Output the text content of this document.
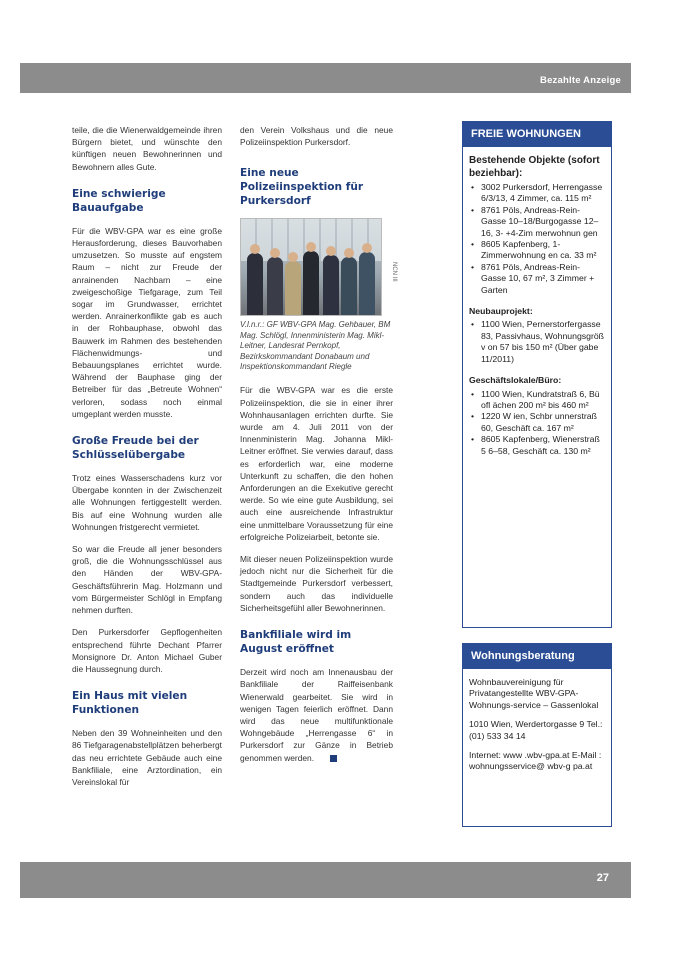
Bezahlte Anzeige

teile, die die Wienerwaldgemeinde ihren Bürgern bietet, und wünschte den künftigen neuen Bewohnerinnen und Bewohnern alles Gute.

Eine schwierige Bauaufgabe

Für die WBV-GPA war es eine große Herausforderung, dieses Bauvorhaben umzusetzen. So musste auf engstem Raum – nicht zur Freude der anrainenden Nachbarn – eine zweigeschoßige Tiefgarage, zum Teil sogar im Grundwasser, errichtet werden. Anrainerkonflikte gab es auch in der Rohbauphase, obwohl das Bauwerk im Rahmen des bestehenden Flächenwidmungs- und Bebauungsplanes errichtet wurde. Während der Bauphase ging der Betreiber für das „Betreute Wohnen“ verloren, sodass noch einmal umgeplant werden musste.

Große Freude bei der Schlüsselübergabe

Trotz eines Wasserschadens kurz vor Übergabe konnten in der Zwischenzeit alle Wohnungen fertiggestellt werden. Bis auf eine Wohnung wurden alle Wohnungen fristgerecht vermietet.

So war die Freude all jener besonders groß, die die Wohnungsschlüssel aus den Händen der WBV-GPA-Geschäftsführerin Mag. Holzmann und vom Bürgermeister Schlögl in Empfang nehmen durften.

Den Purkersdorfer Gepflogenheiten entsprechend führte Dechant Pfarrer Monsignore Dr. Anton Michael Guber die Haussegnung durch.

Ein Haus mit vielen Funktionen

Neben den 39 Wohneinheiten und den 86 Tiefgaragenabstellplätzen beherbergt das neu errichtete Gebäude auch eine Bankfiliale, eine Arztordination, ein Vereinslokal für

den Verein Volkshaus und die neue Polizeiinspektion Purkersdorf.

Eine neue Polizeiinspektion für Purkersdorf
V.l.n.r.: GF WBV-GPA Mag. Gehbauer, BM Mag. Schlögl, Innenministerin Mag. Mikl-Leitner, Landesrat Pernkopf, Bezirkskommandant Donabaum und Inspektionskommandant Riegle

Für die WBV-GPA war es die erste Polizeiinspektion, die sie in einer ihrer Wohnhausanlagen errichten durfte. Sie wurde am 4. Juli 2011 von der Innenministerin Mag. Johanna Mikl-Leitner eröffnet. Sie verwies darauf, dass es erforderlich war, eine moderne Unterkunft zu schaffen, die den hohen Anforderungen an die Exekutive gerecht werde. So wie eine gute Ausbildung, sei auch eine ausreichende Infrastruktur eine unmittelbare Voraussetzung für eine erfolgreiche Polizeiarbeit, betonte sie.

Mit dieser neuen Polizeiinspektion wurde jedoch nicht nur die Sicherheit für die Stadtgemeinde Purkersdorf verbessert, sondern auch das individuelle Sicherheitsgefühl aller Bewohnerinnen.

Bankfiliale wird im August eröffnet

Derzeit wird noch am Innenausbau der Bankfiliale der Raiffeisenbank Wienerwald gearbeitet. Sie wird in wenigen Tagen feierlich eröffnet. Dann wird das neue multifunktionale Wohngebäude „Herrengasse 6“ in Purkersdorf zur Gänze in Betrieb genommen werden.

NCN III
FREIE WOHNUNGEN
Bestehende Objekte (sofort beziehbar):
• 3002 Purkersdorf, Herrengasse 6/3/13, 4 Zimmer, ca. 115 m²
• 8761 Pöls, Andreas-Rein-Gasse 10–18/Burgogasse 12–16, 3- +4-Zim merwohnun gen
• 8605 Kapfenberg, 1-Zimmerwohnung en ca. 33 m²
• 8761 Pöls, Andreas-Rein-Gasse 10, 67 m², 3 Zimmer + Garten
Neubauprojekt:
• 1100 Wien, Pernerstorfergasse 83, Passivhaus, Wohnungsgröß v on 57 bis 150 m² (Über gabe 11/2011)
Geschäftslokale/Büro:
• 1100 Wien, Kundratstraß 6, Bü ofl ächen 200 m² bis 460 m²
• 1220 W ien, Schbr unnerstraß 60, Geschäft ca. 167 m²
• 8605 Kapfenberg, Wienerstraß 5 6–58, Geschäft ca. 130 m²
Wohnungsberatung

Wohnbauvereinigung für Privatangestellte WBV-GPA-Wohnungs-service – Gassenlokal

1010 Wien, Werdertorgasse 9 Tel.: (01) 533 34 14

Internet: www .wbv-gpa.at E-Mail : wohnungsservice@ wbv-g pa.at

27
